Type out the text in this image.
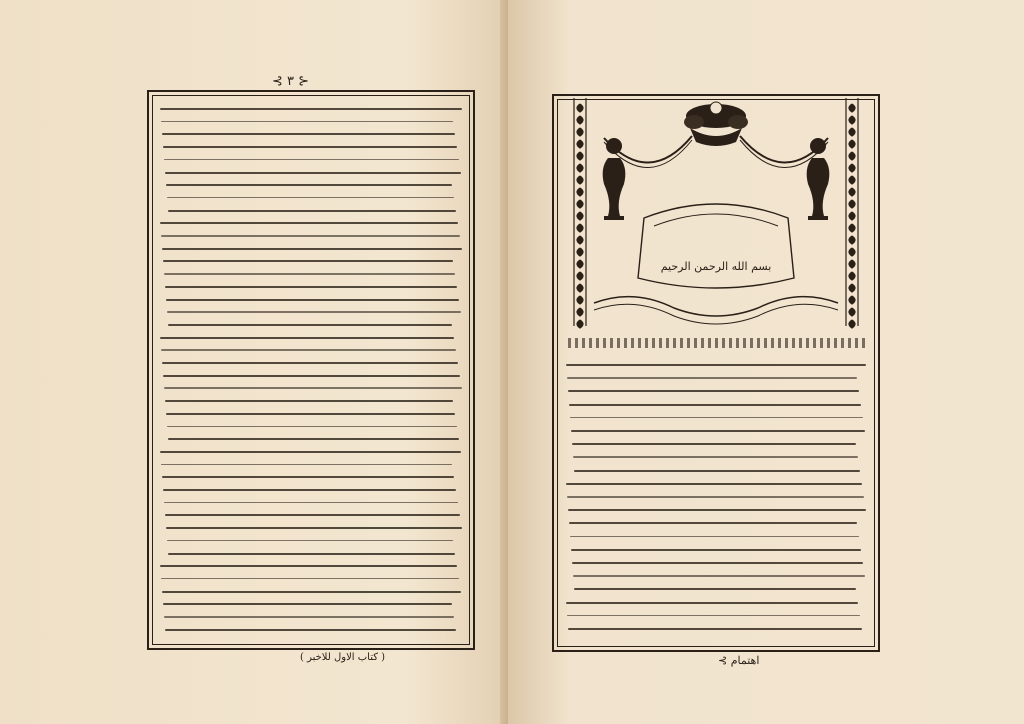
⊰ ٣ ⊱
( كتاب الاول للاخبر )
بسم الله الرحمن الرحيم
⊰ اهتمام
